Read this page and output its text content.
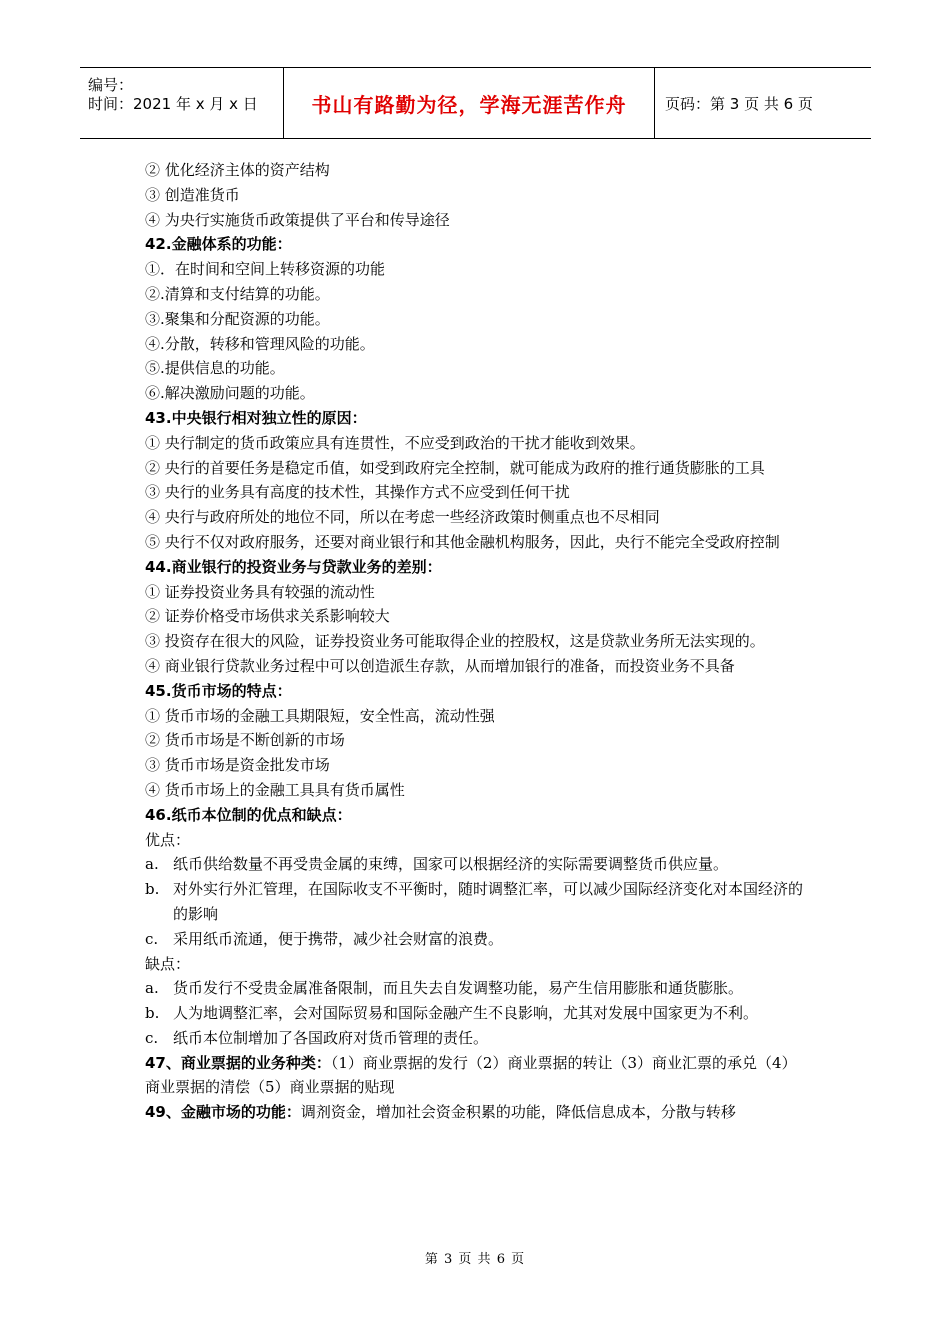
编号：
时间：2021 年 x 月 x 日	书山有路勤为径，学海无涯苦作舟	页码：第 3 页 共 6 页
② 优化经济主体的资产结构
③ 创造准货币
④ 为央行实施货币政策提供了平台和传导途径
42.金融体系的功能：
①．在时间和空间上转移资源的功能
②.清算和支付结算的功能。
③.聚集和分配资源的功能。
④.分散，转移和管理风险的功能。
⑤.提供信息的功能。
⑥.解决激励问题的功能。
43.中央银行相对独立性的原因：
① 央行制定的货币政策应具有连贯性，不应受到政治的干扰才能收到效果。
② 央行的首要任务是稳定币值，如受到政府完全控制，就可能成为政府的推行通货膨胀的工具
③ 央行的业务具有高度的技术性，其操作方式不应受到任何干扰
④ 央行与政府所处的地位不同，所以在考虑一些经济政策时侧重点也不尽相同
⑤ 央行不仅对政府服务，还要对商业银行和其他金融机构服务，因此，央行不能完全受政府控制
44.商业银行的投资业务与贷款业务的差别：
① 证券投资业务具有较强的流动性
② 证券价格受市场供求关系影响较大
③ 投资存在很大的风险，证券投资业务可能取得企业的控股权，这是贷款业务所无法实现的。
④ 商业银行贷款业务过程中可以创造派生存款，从而增加银行的准备，而投资业务不具备
45.货币市场的特点：
① 货币市场的金融工具期限短，安全性高，流动性强
② 货币市场是不断创新的市场
③ 货币市场是资金批发市场
④ 货币市场上的金融工具具有货币属性
46.纸币本位制的优点和缺点：
优点：
a. 纸币供给数量不再受贵金属的束缚，国家可以根据经济的实际需要调整货币供应量。
b. 对外实行外汇管理，在国际收支不平衡时，随时调整汇率，可以减少国际经济变化对本国经济的的影响
c. 采用纸币流通，便于携带，减少社会财富的浪费。
缺点：
a. 货币发行不受贵金属准备限制，而且失去自发调整功能，易产生信用膨胀和通货膨胀。
b. 人为地调整汇率，会对国际贸易和国际金融产生不良影响，尤其对发展中国家更为不利。
c. 纸币本位制增加了各国政府对货币管理的责任。
47、商业票据的业务种类：（1）商业票据的发行（2）商业票据的转让（3）商业汇票的承兑（4）商业票据的清偿（5）商业票据的贴现
49、金融市场的功能：调剂资金，增加社会资金积累的功能，降低信息成本，分散与转移
第 3 页 共 6 页
